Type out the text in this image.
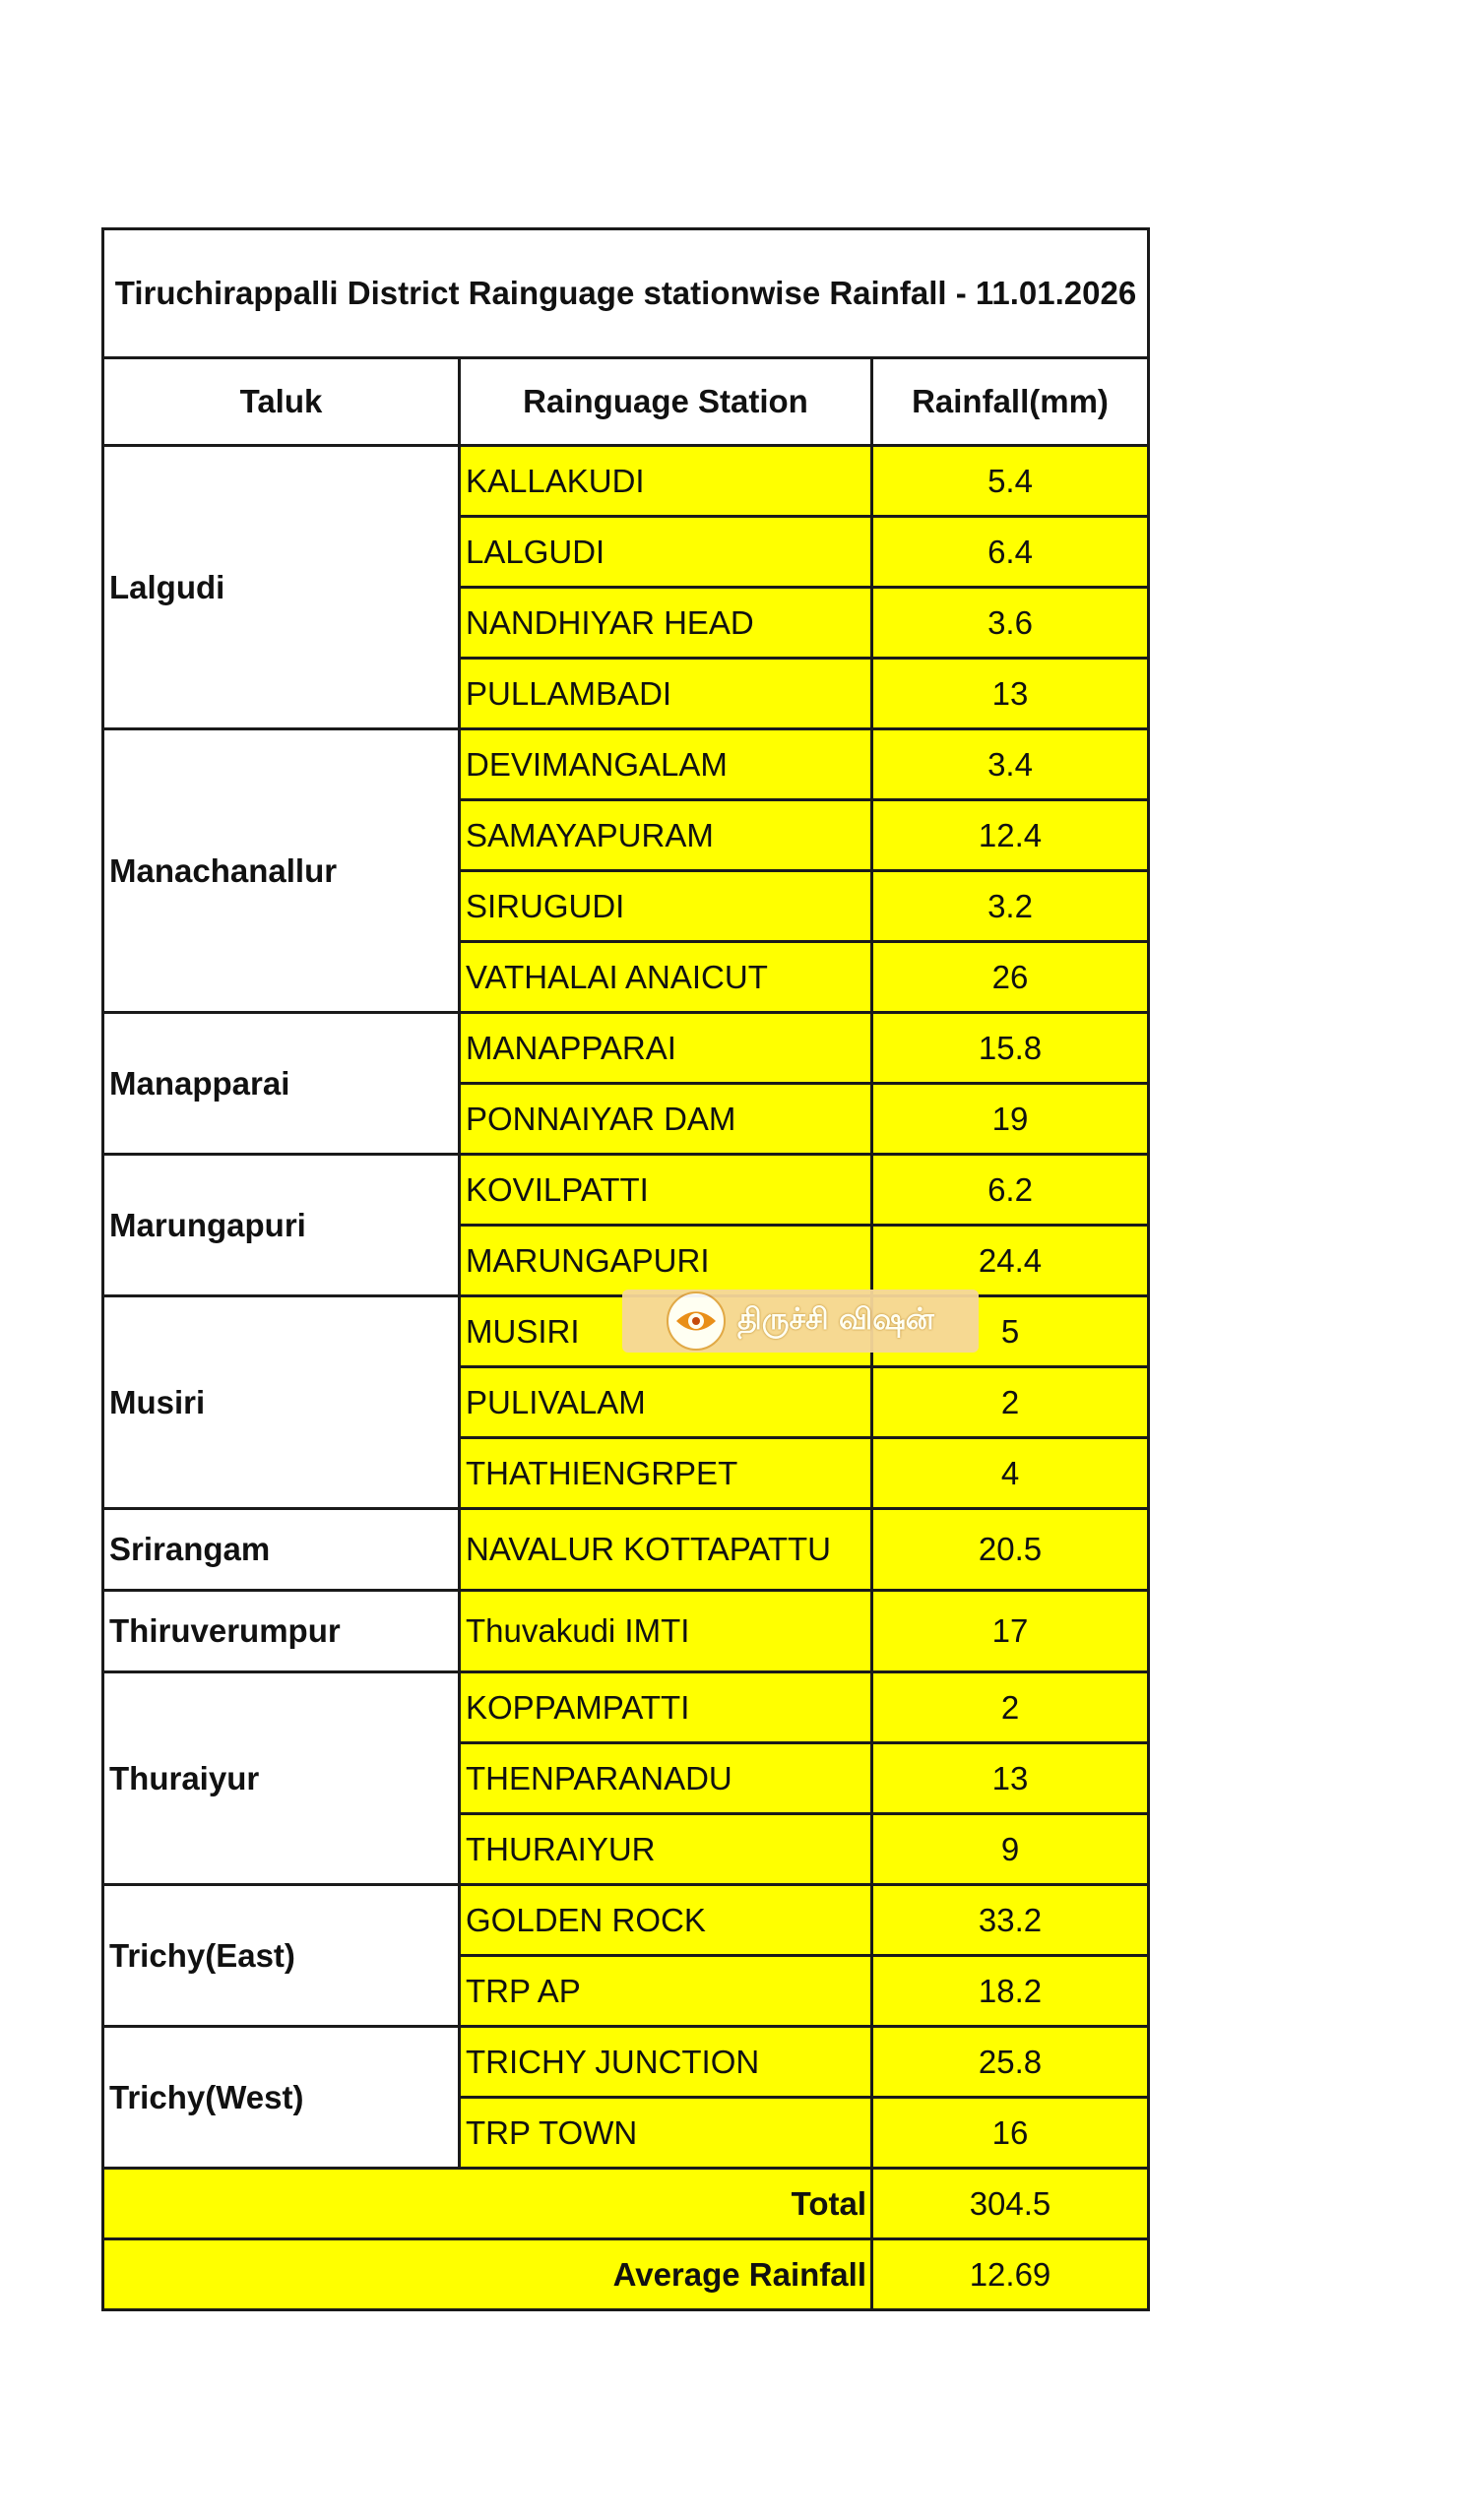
Tiruchirappalli District Rainguage stationwise Rainfall - 11.01.2026		
Taluk	Rainguage Station	Rainfall(mm)
Lalgudi	KALLAKUDI	5.4
	LALGUDI	6.4
	NANDHIYAR HEAD	3.6
	PULLAMBADI	13
Manachanallur	DEVIMANGALAM	3.4
	SAMAYAPURAM	12.4
	SIRUGUDI	3.2
	VATHALAI ANAICUT	26
Manapparai	MANAPPARAI	15.8
	PONNAIYAR DAM	19
Marungapuri	KOVILPATTI	6.2
	MARUNGAPURI	24.4
Musiri	MUSIRI	5
	PULIVALAM	2
	THATHIENGRPET	4
Srirangam	NAVALUR KOTTAPATTU	20.5
Thiruverumpur	Thuvakudi IMTI	17
Thuraiyur	KOPPAMPATTI	2
	THENPARANADU	13
	THURAIYUR	9
Trichy(East)	GOLDEN ROCK	33.2
	TRP AP	18.2
Trichy(West)	TRICHY JUNCTION	25.8
	TRP TOWN	16
Total		304.5
Average Rainfall		12.69
திருச்சி விஷன்
